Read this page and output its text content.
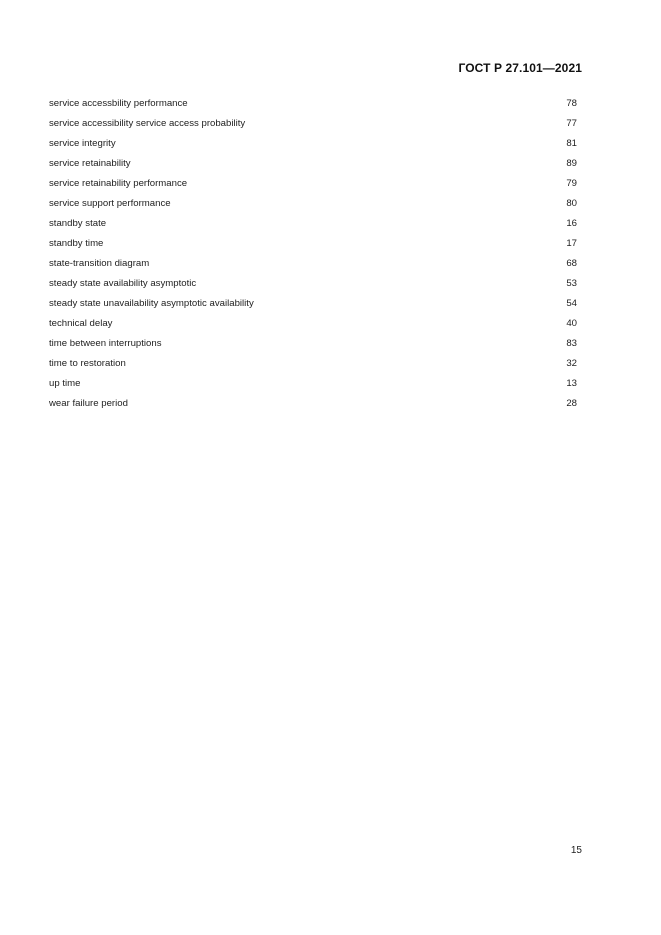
ГОСТ Р 27.101—2021
service accessbility performance	78
service accessibility service access probability	77
service integrity	81
service retainability	89
service retainability performance	79
service support performance	80
standby state	16
standby time	17
state-transition diagram	68
steady state availability asymptotic	53
steady state unavailability asymptotic availability	54
technical delay	40
time between interruptions	83
time to restoration	32
up time	13
wear failure period	28
15
